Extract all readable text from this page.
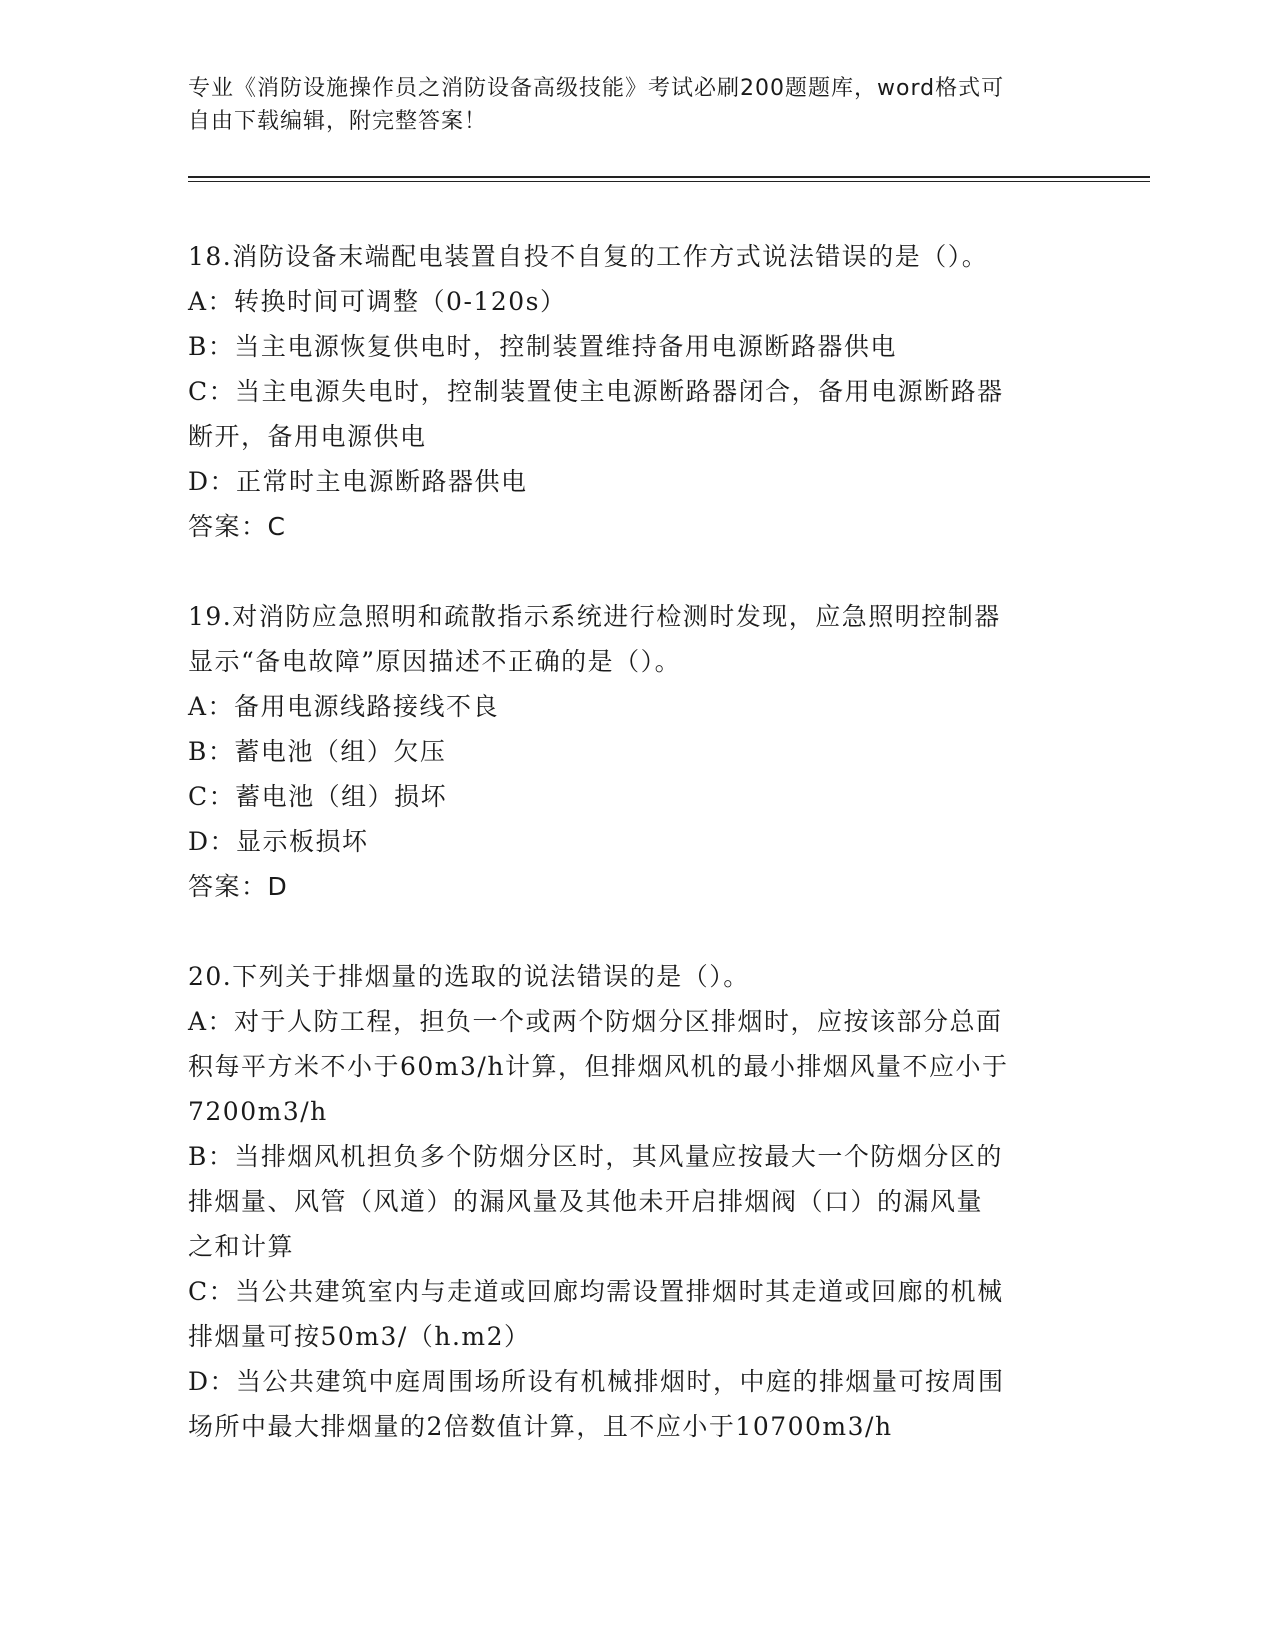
专业《消防设施操作员之消防设备高级技能》考试必刷200题题库，word格式可
自由下载编辑，附完整答案！
18.消防设备末端配电装置自投不自复的工作方式说法错误的是（）。
A：转换时间可调整（0-120s）
B：当主电源恢复供电时，控制装置维持备用电源断路器供电
C：当主电源失电时，控制装置使主电源断路器闭合，备用电源断路器
断开，备用电源供电
D：正常时主电源断路器供电
答案：C
19.对消防应急照明和疏散指示系统进行检测时发现，应急照明控制器
显示“备电故障”原因描述不正确的是（）。
A：备用电源线路接线不良
B：蓄电池（组）欠压
C：蓄电池（组）损坏
D：显示板损坏
答案：D
20.下列关于排烟量的选取的说法错误的是（）。
A：对于人防工程，担负一个或两个防烟分区排烟时，应按该部分总面
积每平方米不小于60m3/h计算，但排烟风机的最小排烟风量不应小于
7200m3/h
B：当排烟风机担负多个防烟分区时，其风量应按最大一个防烟分区的
排烟量、风管（风道）的漏风量及其他未开启排烟阀（口）的漏风量
之和计算
C：当公共建筑室内与走道或回廊均需设置排烟时其走道或回廊的机械
排烟量可按50m3/（h.m2）
D：当公共建筑中庭周围场所设有机械排烟时，中庭的排烟量可按周围
场所中最大排烟量的2倍数值计算，且不应小于10700m3/h
